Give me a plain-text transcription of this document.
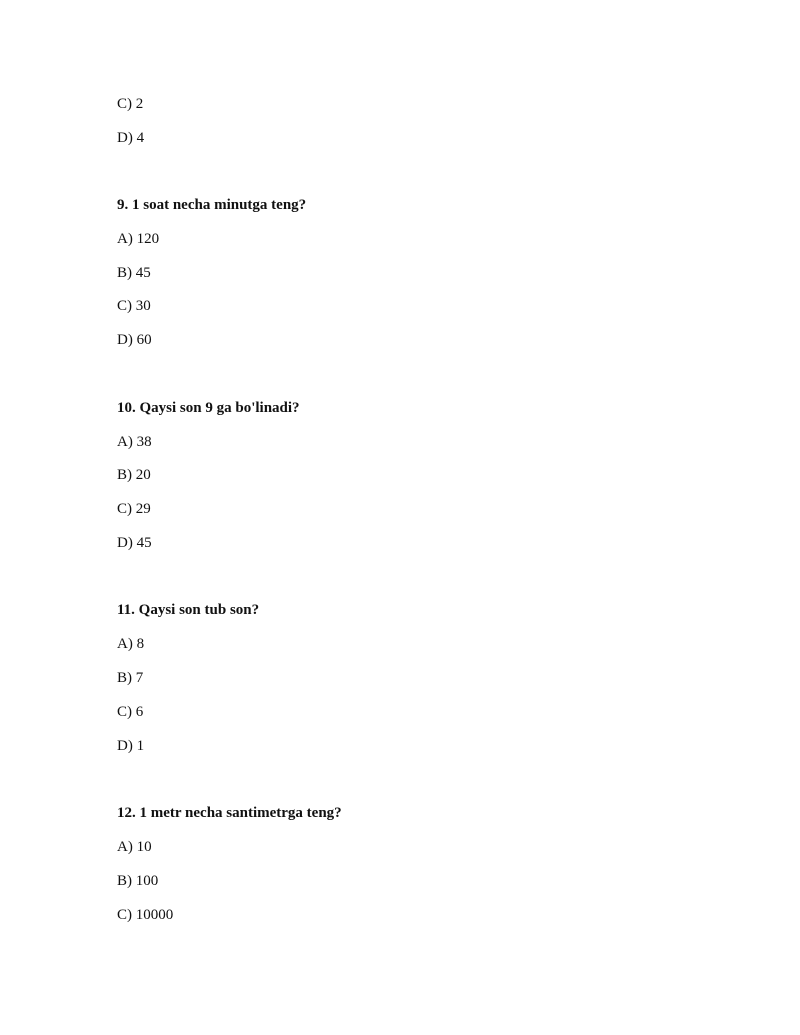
C) 2
D) 4
9. 1 soat necha minutga teng?
A) 120
B) 45
C) 30
D) 60
10. Qaysi son 9 ga bo'linadi?
A) 38
B) 20
C) 29
D) 45
11. Qaysi son tub son?
A) 8
B) 7
C) 6
D) 1
12. 1 metr necha santimetrga teng?
A) 10
B) 100
C) 10000
